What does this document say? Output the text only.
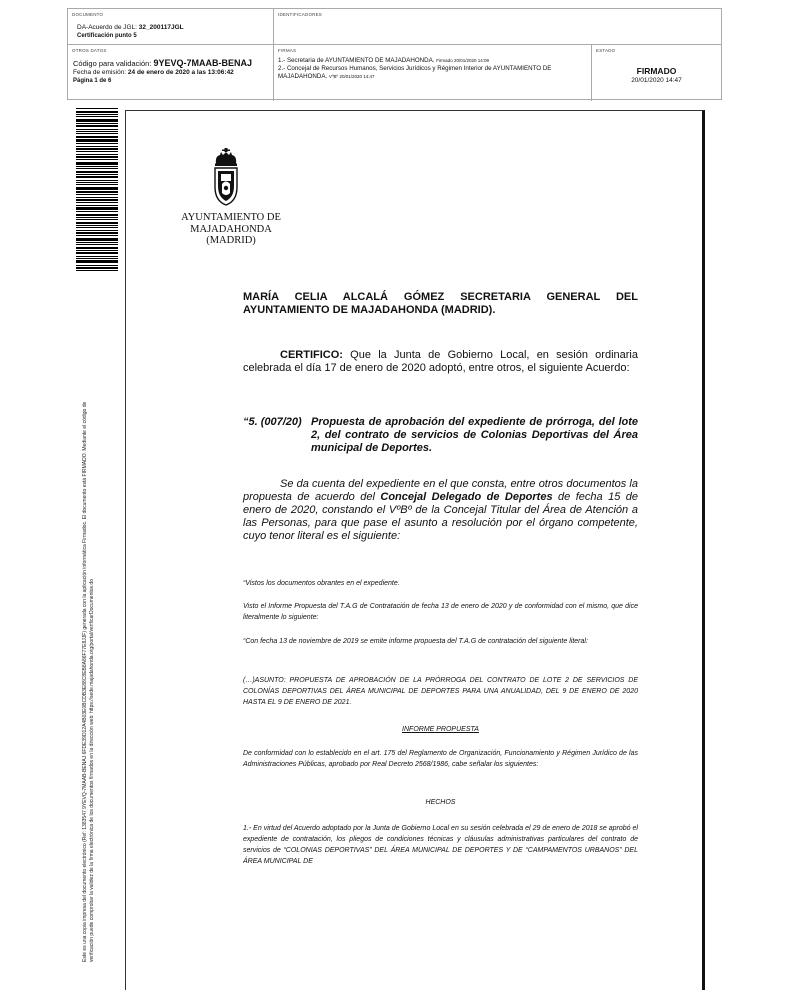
DOCUMENTO
DA-Acuerdo de JGL: 32_200117JGL
Certificación punto 5
IDENTIFICADORES
OTROS DATOS
Código para validación: 9YEVQ-7MAAB-BENAJ
Fecha de emisión: 24 de enero de 2020 a las 13:06:42
Página 1 de 6
FIRMAS
1.- Secretaria de AYUNTAMIENTO DE MAJADAHONDA. Firmado 20/01/2020 14:09
2.- Concejal de Recursos Humanos, Servicios Jurídicos y Régimen Interior de AYUNTAMIENTO DE MAJADAHONDA. VºBº 20/01/2020 14:47
ESTADO
FIRMADO
20/01/2020 14:47
Este es una copia impresa del documento electrónico (Ref: 1383547 9YEVQ-7MAAB-BENAJ 6FDE39D12A4B03E0BCDB3E88C8EB8A86F77E8JJF) generada con la aplicación informática Firmadoc. El documento está FIRMADO. Mediante el código de verificación puede comprobar la validez de la firma electrónica de los documentos firmados en la dirección web: https://sede.majadahonda.org/portal/verificarDocumentos.do
AYUNTAMIENTO DE
MAJADAHONDA
(MADRID)
MARÍA CELIA ALCALÁ GÓMEZ SECRETARIA GENERAL DEL
AYUNTAMIENTO DE MAJADAHONDA (MADRID).
CERTIFICO: Que la Junta de Gobierno Local, en sesión ordinaria celebrada el día 17 de enero de 2020 adoptó, entre otros, el siguiente Acuerdo:
“5. (007/20) Propuesta de aprobación del expediente de prórroga, del lote 2, del contrato de servicios de Colonias Deportivas del Área municipal de Deportes.
Se da cuenta del expediente en el que consta, entre otros documentos la propuesta de acuerdo del Concejal Delegado de Deportes de fecha 15 de enero de 2020, constando el VºBº de la Concejal Titular del Área de Atención a las Personas, para que pase el asunto a resolución por el órgano competente, cuyo tenor literal es el siguiente:
“Vistos los documentos obrantes en el expediente.
Visto el Informe Propuesta del T.A.G de Contratación de fecha 13 de enero de 2020 y de conformidad con el mismo, que dice literalmente lo siguiente:
“Con fecha 13 de noviembre de 2019 se emite informe propuesta del T.A.G de contratación del siguiente literal:
(…)ASUNTO: PROPUESTA DE APROBACIÓN DE LA PRÓRROGA DEL CONTRATO DE LOTE 2 DE SERVICIOS DE COLONÍAS DEPORTIVAS DEL ÁREA MUNICIPAL DE DEPORTES PARA UNA ANUALIDAD, DEL 9 DE ENERO DE 2020 HASTA EL 9 DE ENERO DE 2021.
INFORME PROPUESTA
De conformidad con lo establecido en el art. 175 del Reglamento de Organización, Funcionamiento y Régimen Jurídico de las Administraciones Públicas, aprobado por Real Decreto 2568/1986, cabe señalar los siguientes:
HECHOS
1.- En virtud del Acuerdo adoptado por la Junta de Gobierno Local en su sesión celebrada el 29 de enero de 2018 se aprobó el expediente de contratación, los pliegos de condiciones técnicas y cláusulas administrativas particulares del contrato de servicios de “COLONIAS DEPORTIVAS” DEL ÁREA MUNICIPAL DE DEPORTES Y DE “CAMPAMENTOS URBANOS” DEL ÁREA MUNICIPAL DE
